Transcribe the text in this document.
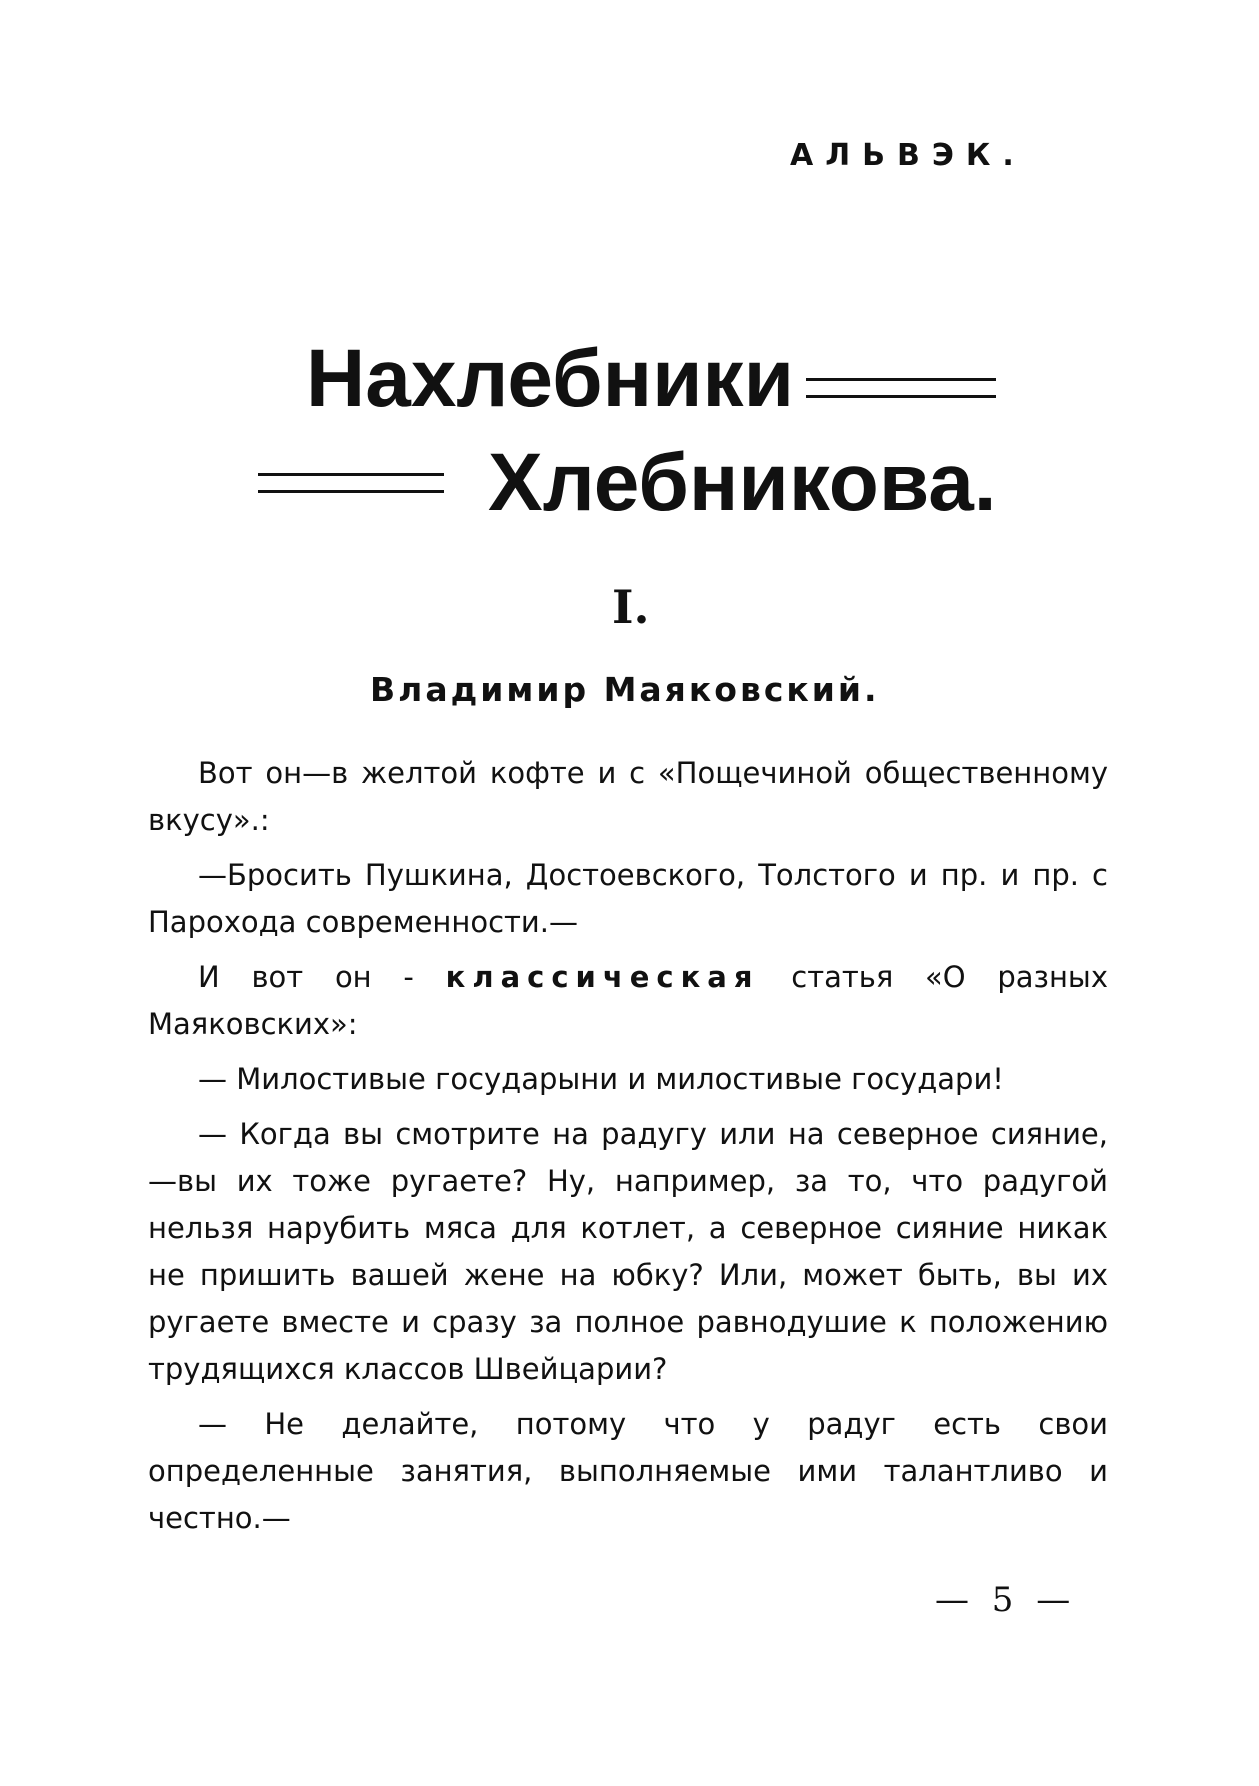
АЛЬВЭК.
Нахлебники
Хлебникова.
I.
Владимир Маяковский.

Вот он—в желтой кофте и с «Пощечиной общественному вкусу».:

—Бросить Пушкина, Достоевского, Толстого и пр. и пр. с Парохода современности.—

И вот он - классическая статья «О разных Маяковских»:

— Милостивые государыни и милостивые государи!

— Когда вы смотрите на радугу или на северное сияние,—вы их тоже ругаете? Ну, например, за то, что радугой нельзя нарубить мяса для котлет, а северное сияние никак не пришить вашей жене на юбку? Или, может быть, вы их ругаете вместе и сразу за полное равнодушие к положению трудящихся классов Швейцарии?

— Не делайте, потому что у радуг есть свои определенные занятия, выполняемые ими талантливо и честно.—

— 5 —
